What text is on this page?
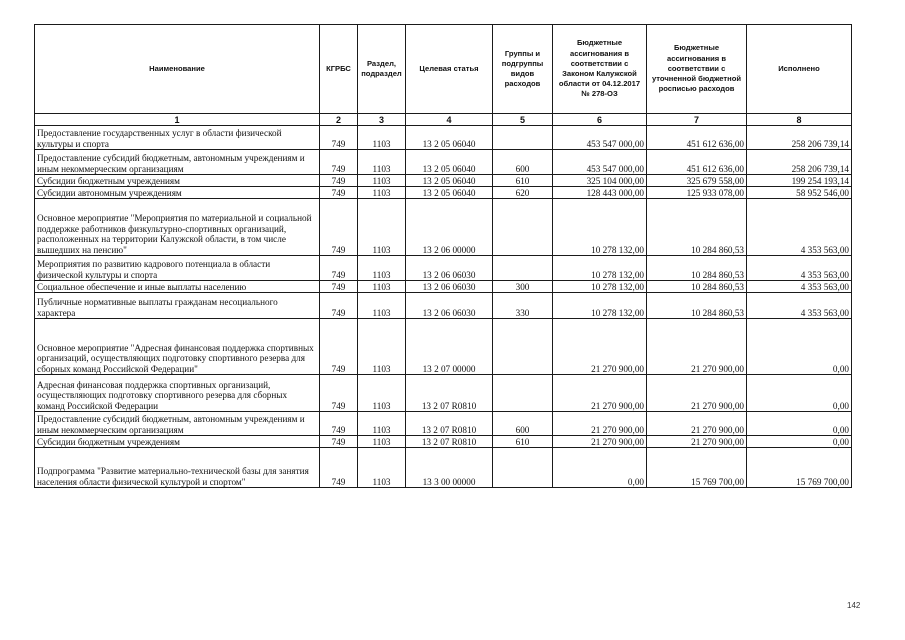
Наименование	КГРБС	Раздел, подраздел	Целевая статья	Группы и подгруппы видов расходов	Бюджетные ассигнования в соответствии с Законом Калужской области от 04.12.2017 № 278-ОЗ	Бюджетные ассигнования в соответствии с уточненной бюджетной росписью расходов	Исполнено
1	2	3	4	5	6	7	8
Предоставление государственных услуг в области физической культуры и спорта	749	1103	13 2 05 06040		453 547 000,00	451 612 636,00	258 206 739,14
Предоставление субсидий бюджетным, автономным учреждениям и иным некоммерческим организациям	749	1103	13 2 05 06040	600	453 547 000,00	451 612 636,00	258 206 739,14
Субсидии бюджетным учреждениям	749	1103	13 2 05 06040	610	325 104 000,00	325 679 558,00	199 254 193,14
Субсидии автономным учреждениям	749	1103	13 2 05 06040	620	128 443 000,00	125 933 078,00	58 952 546,00
Основное мероприятие "Мероприятия по материальной и социальной поддержке работников физкультурно-спортивных организаций, расположенных на территории Калужской области, в том числе вышедших на пенсию"	749	1103	13 2 06 00000		10 278 132,00	10 284 860,53	4 353 563,00
Мероприятия по развитию кадрового потенциала в области физической культуры и спорта	749	1103	13 2 06 06030		10 278 132,00	10 284 860,53	4 353 563,00
Социальное обеспечение и иные выплаты населению	749	1103	13 2 06 06030	300	10 278 132,00	10 284 860,53	4 353 563,00
Публичные нормативные выплаты гражданам несоциального характера	749	1103	13 2 06 06030	330	10 278 132,00	10 284 860,53	4 353 563,00
Основное мероприятие "Адресная финансовая поддержка спортивных организаций, осуществляющих подготовку спортивного резерва для сборных команд Российской Федерации"	749	1103	13 2 07 00000		21 270 900,00	21 270 900,00	0,00
Адресная финансовая поддержка спортивных организаций, осуществляющих подготовку спортивного резерва для сборных команд Российской Федерации	749	1103	13 2 07 R0810		21 270 900,00	21 270 900,00	0,00
Предоставление субсидий бюджетным, автономным учреждениям и иным некоммерческим организациям	749	1103	13 2 07 R0810	600	21 270 900,00	21 270 900,00	0,00
Субсидии бюджетным учреждениям	749	1103	13 2 07 R0810	610	21 270 900,00	21 270 900,00	0,00
Подпрограмма "Развитие материально-технической базы для занятия населения области физической культурой и спортом"	749	1103	13 3 00 00000		0,00	15 769 700,00	15 769 700,00
142
